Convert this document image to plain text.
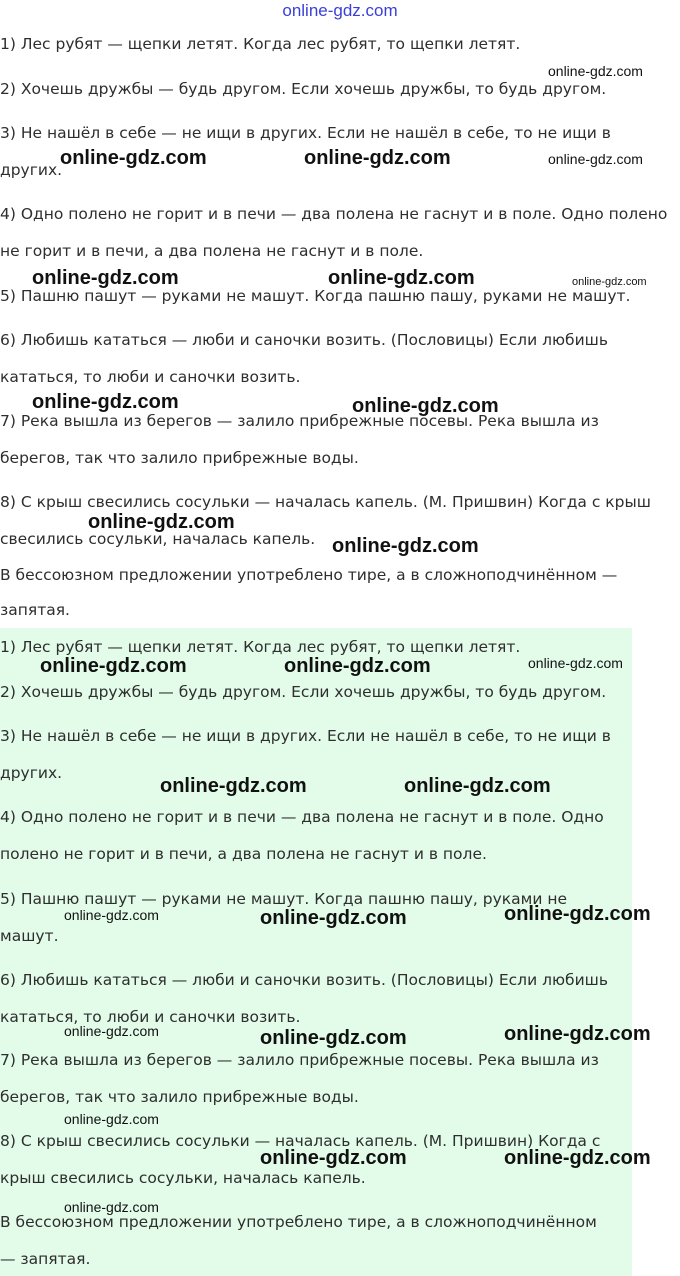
online-gdz.com
1) Лес рубят — щепки летят. Когда лес рубят, то щепки летят.
2) Хочешь дружбы — будь другом. Если хочешь дружбы, то будь другом.
3) Не нашёл в себе — не ищи в других. Если не нашёл в себе, то не ищи в
других.
4) Одно полено не горит и в печи — два полена не гаснут и в поле. Одно полено
не горит и в печи, а два полена не гаснут и в поле.
5) Пашню пашут — руками не машут. Когда пашню пашу, руками не машут.
6) Любишь кататься — люби и саночки возить. (Пословицы) Если любишь
кататься, то люби и саночки возить.
7) Река вышла из берегов — залило прибрежные посевы. Река вышла из
берегов, так что залило прибрежные воды.
8) С крыш свесились сосульки — началась капель. (М. Пришвин) Когда с крыш
свесились сосульки, началась капель.
В бессоюзном предложении употреблено тире, а в сложноподчинённом —
запятая.
1) Лес рубят — щепки летят. Когда лес рубят, то щепки летят.
2) Хочешь дружбы — будь другом. Если хочешь дружбы, то будь другом.
3) Не нашёл в себе — не ищи в других. Если не нашёл в себе, то не ищи в
других.
4) Одно полено не горит и в печи — два полена не гаснут и в поле. Одно
полено не горит и в печи, а два полена не гаснут и в поле.
5) Пашню пашут — руками не машут. Когда пашню пашу, руками не
машут.
6) Любишь кататься — люби и саночки возить. (Пословицы) Если любишь
кататься, то люби и саночки возить.
7) Река вышла из берегов — залило прибрежные посевы. Река вышла из
берегов, так что залило прибрежные воды.
8) С крыш свесились сосульки — началась капель. (М. Пришвин) Когда с
крыш свесились сосульки, началась капель.
В бессоюзном предложении употреблено тире, а в сложноподчинённом
— запятая.
online-gdz.com
online-gdz.com	online-gdz.com	online-gdz.com
online-gdz.com	online-gdz.com	online-gdz.com
online-gdz.com	online-gdz.com
online-gdz.com
online-gdz.com
online-gdz.com	online-gdz.com	online-gdz.com
online-gdz.com	online-gdz.com
online-gdz.com	online-gdz.com	online-gdz.com
online-gdz.com	online-gdz.com	online-gdz.com
online-gdz.com
online-gdz.com	online-gdz.com
online-gdz.com
